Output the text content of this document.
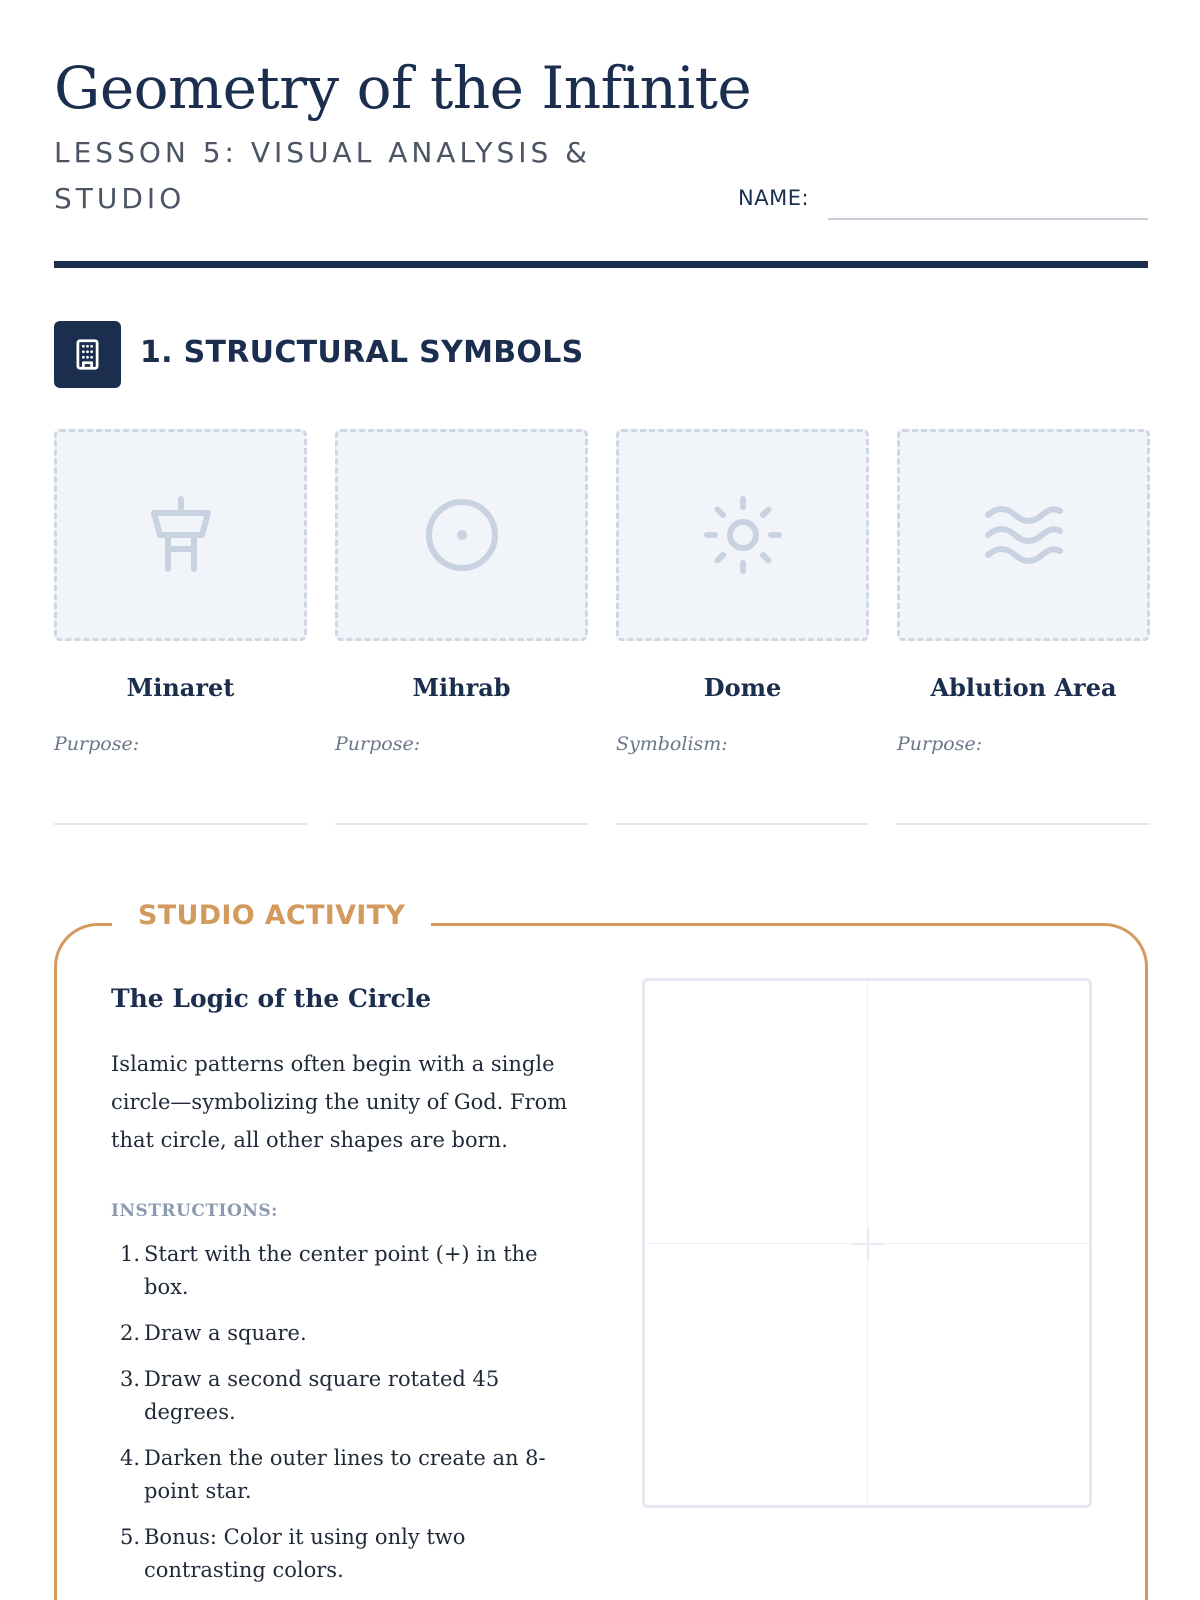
Geometry of the Infinite
LESSON 5: VISUAL ANALYSIS & STUDIO	NAME:
1. STRUCTURAL SYMBOLS
Minaret
Purpose:
Mihrab
Purpose:
Dome
Symbolism:
Ablution Area
Purpose:
STUDIO ACTIVITY
The Logic of the Circle

Islamic patterns often begin with a single circle—symbolizing the unity of God. From that circle, all other shapes are born.

INSTRUCTIONS:
1. Start with the center point (+) in the box.
2. Draw a square.
3. Draw a second square rotated 45 degrees.
4. Darken the outer lines to create an 8-point star.
5. Bonus: Color it using only two contrasting colors.
